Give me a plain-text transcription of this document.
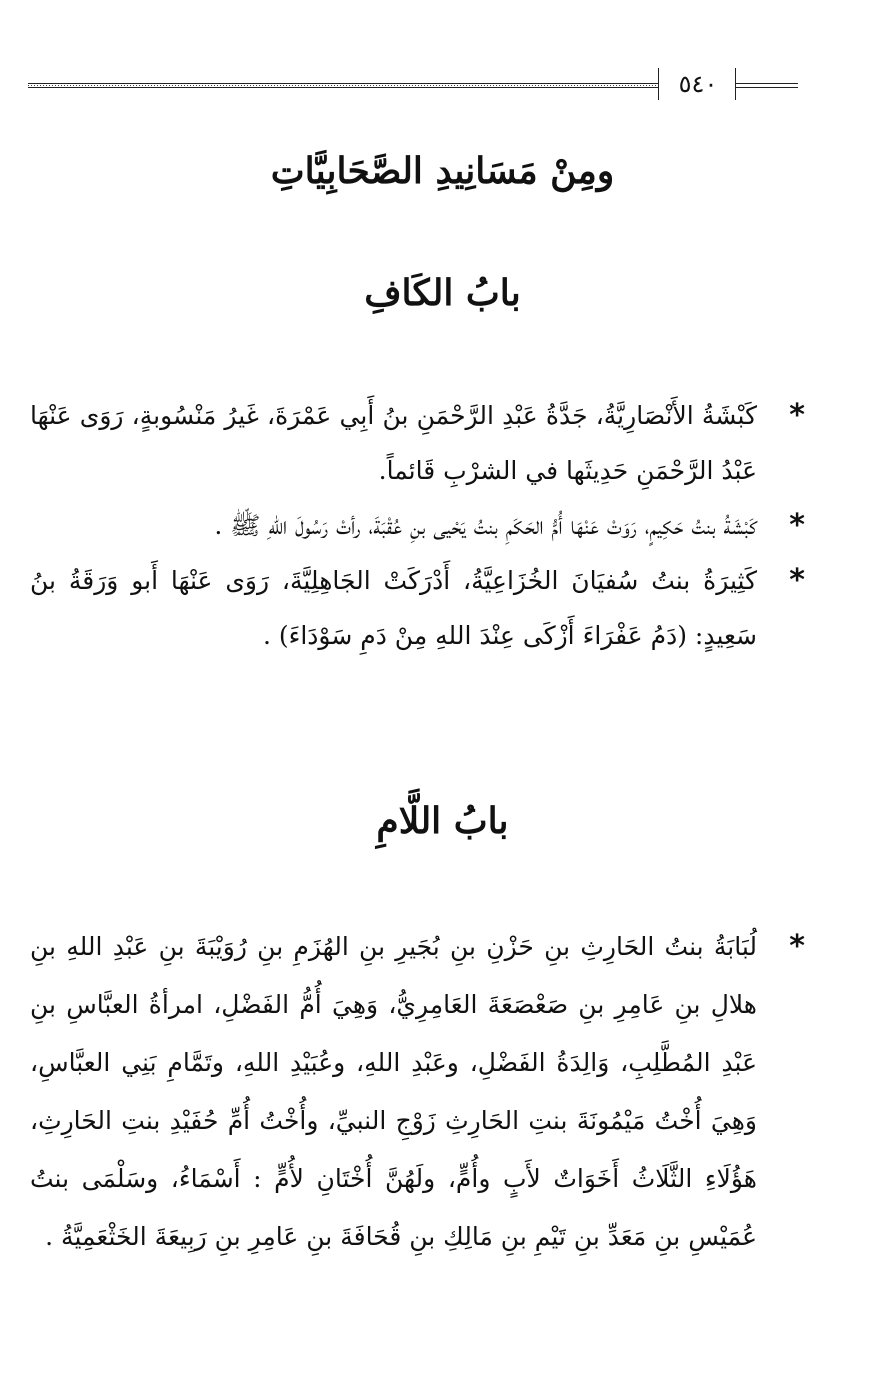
٥٤٠
ومِنْ مَسَانِيدِ الصَّحَابِيَّاتِ
بابُ الكَافِ
*
كَبْشَةُ الأَنْصَارِيَّةُ، جَدَّةُ عَبْدِ الرَّحْمَنِ بنُ أَبِي عَمْرَةَ، غَيرُ مَنْسُوبةٍ، رَوَى عَنْهَا عَبْدُ الرَّحْمَنِ حَدِيثَها في الشرْبِ قَائماً.
*
كَبْشَةُ بنتُ حَكِيمٍ، رَوَتْ عَنْهَا أُمُّ الحَكَمِ بنتُ يَحْيى بنِ عُقْبَةَ، رأتْ رَسُولَ اللهِ ﷺ .
*
كَثِيرَةُ بنتُ سُفيَانَ الخُزَاعِيَّةُ، أَدْرَكَتْ الجَاهِلِيَّةَ، رَوَى عَنْهَا أَبو وَرَقَةُ بنُ سَعِيدٍ: (دَمُ عَفْرَاءَ أَزْكَى عِنْدَ اللهِ مِنْ دَمِ سَوْدَاءَ) .
بابُ اللَّامِ
*
لُبَابَةُ بنتُ الحَارِثِ بنِ حَزْنِ بنِ بُجَيرِ بنِ الهُزَمِ بنِ رُوَيْبَةَ بنِ عَبْدِ اللهِ بنِ هلالِ بنِ عَامِرِ بنِ صَعْصَعَةَ العَامِرِيُّ، وَهِيَ أُمُّ الفَضْلِ، امرأةُ العبَّاسِ بنِ عَبْدِ المُطَّلِبِ، وَالِدَةُ الفَضْلِ، وعَبْدِ اللهِ، وعُبَيْدِ اللهِ، وتَمَّامِ بَنِي العبَّاسِ، وَهِيَ أُخْتُ مَيْمُونَةَ بنتِ الحَارِثِ زَوْجِ النبيِّ، وأُخْتُ أُمِّ حُفَيْدِ بنتِ الحَارِثِ، هَؤُلَاءِ الثَّلَاثُ أَخَوَاتٌ لأَبٍ وأُمٍّ، ولَهُنَّ أُخْتَانِ لأُمٍّ : أَسْمَاءُ، وسَلْمَى بنتُ عُمَيْسِ بنِ مَعَدِّ بنِ تَيْمِ بنِ مَالِكِ بنِ قُحَافَةَ بنِ عَامِرِ بنِ رَبِيعَةَ الخَثْعَمِيَّةُ .
